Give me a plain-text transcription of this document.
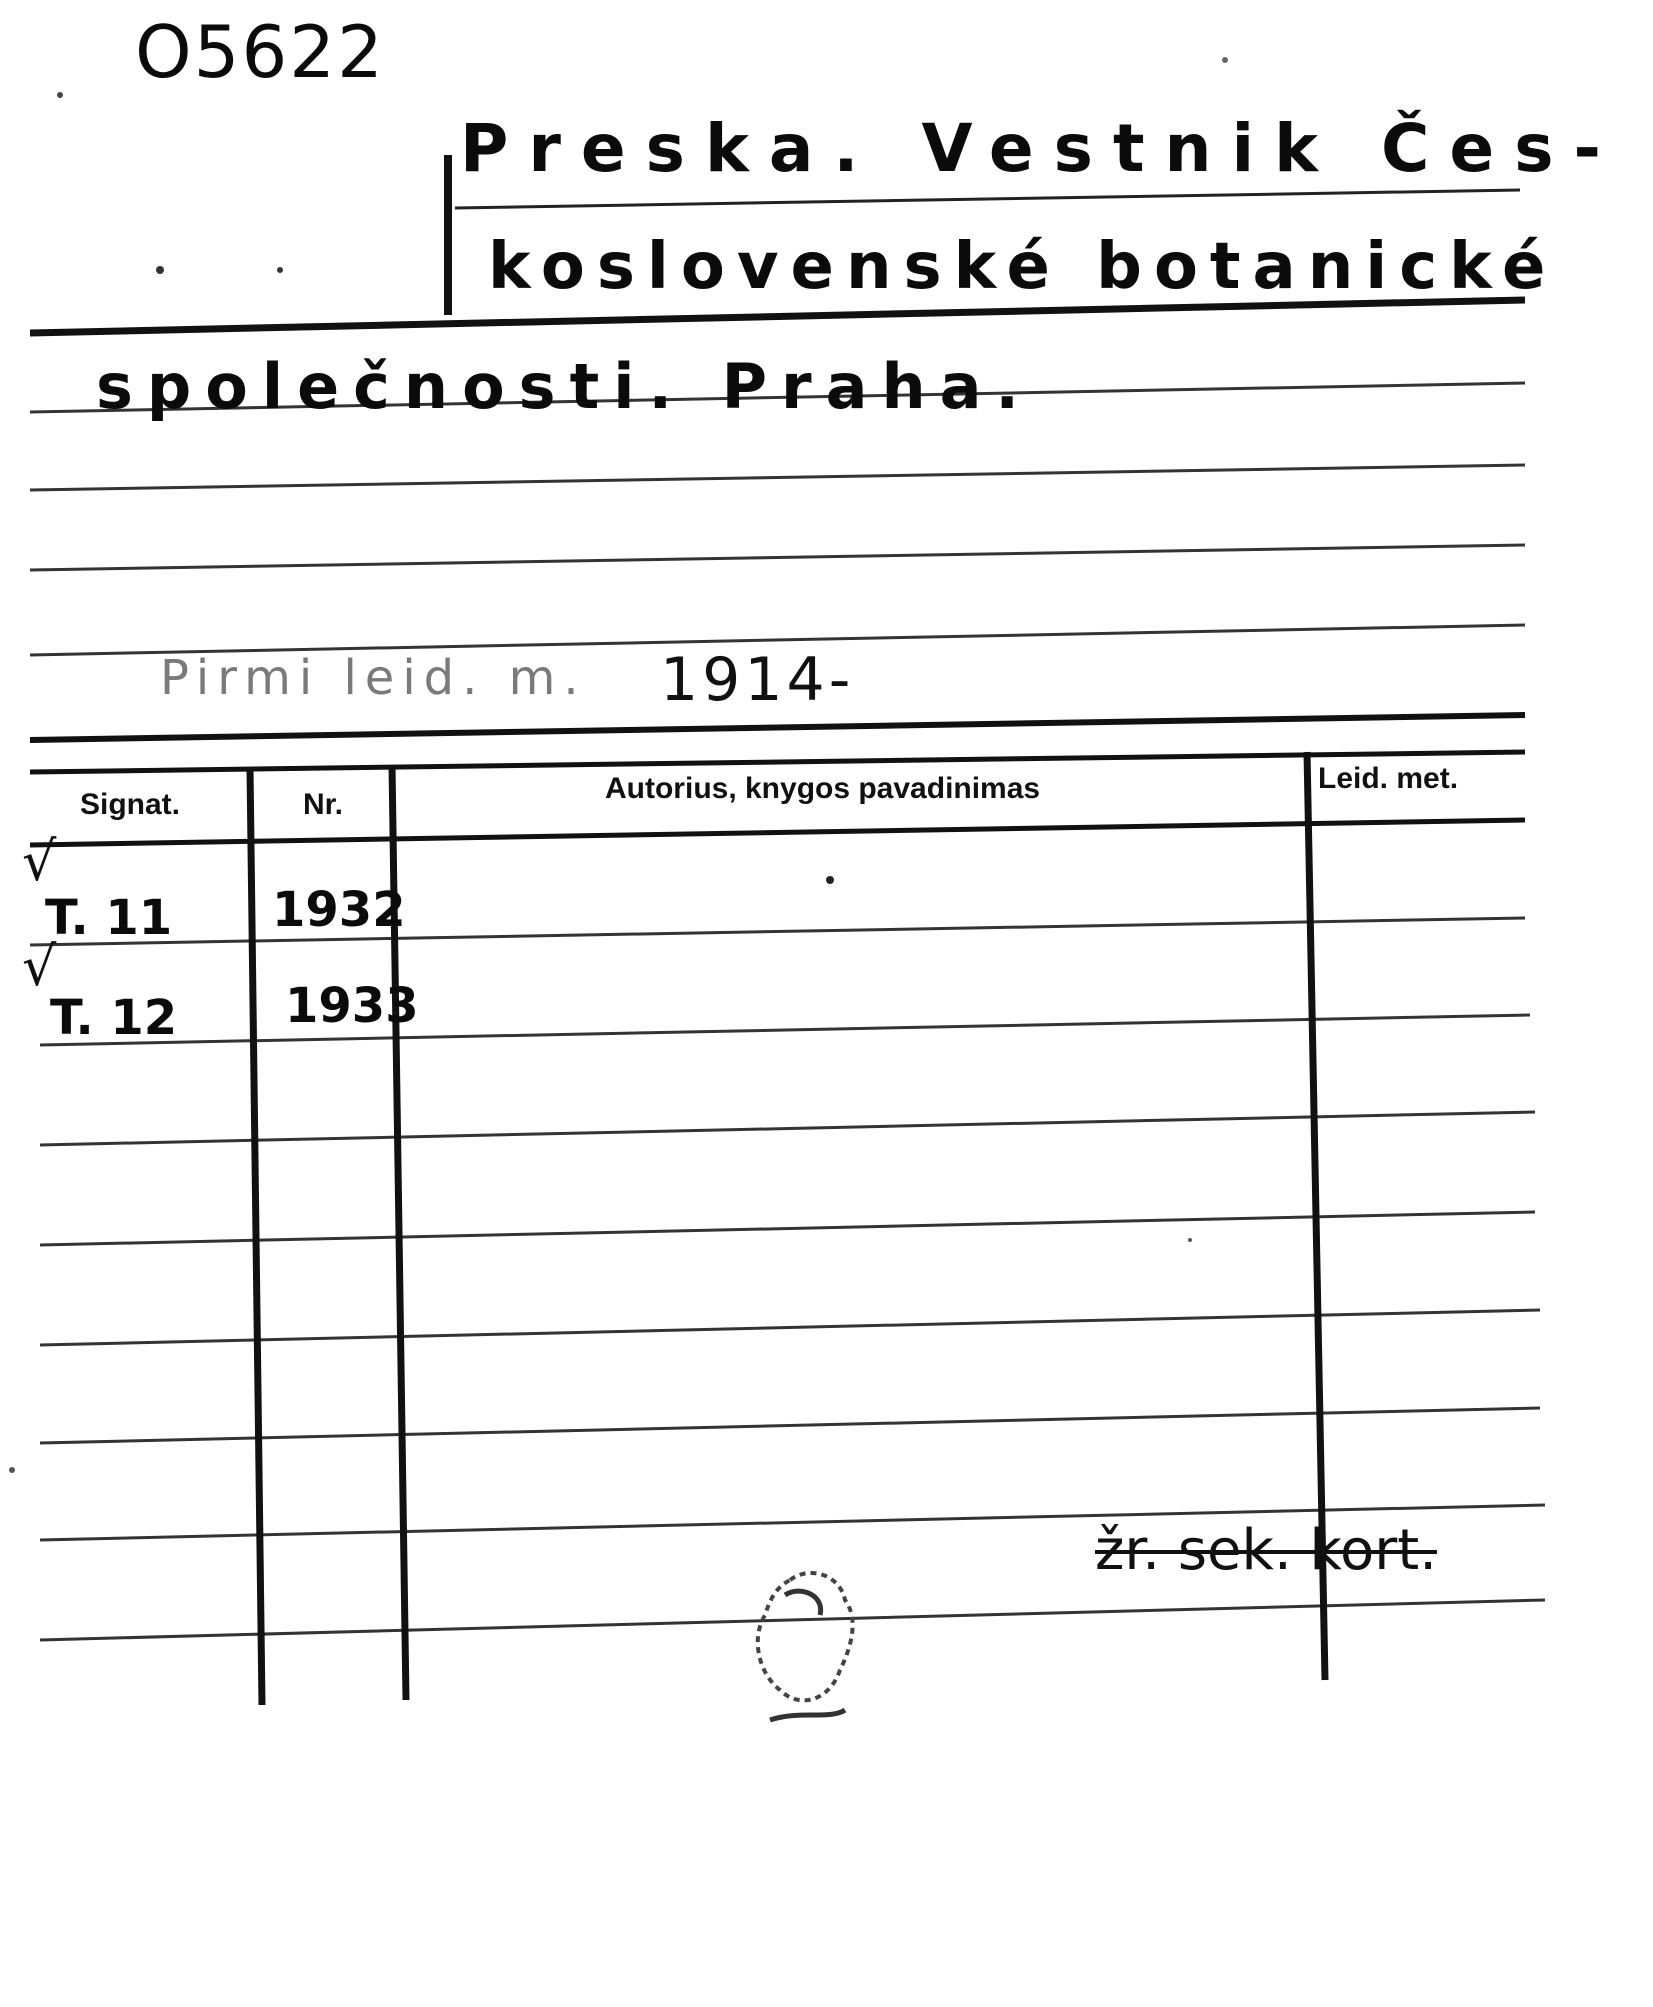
O5622
Preska. Vestnik Čes-
koslovenské botanické
společnosti. Praha.
Pirmi leid. m. 1914-
Signat.	Nr.	Autorius, knygos pavadinimas	Leid. met.
√
√
T. 11 1932
T. 12 1933
žr. sek. kort.
